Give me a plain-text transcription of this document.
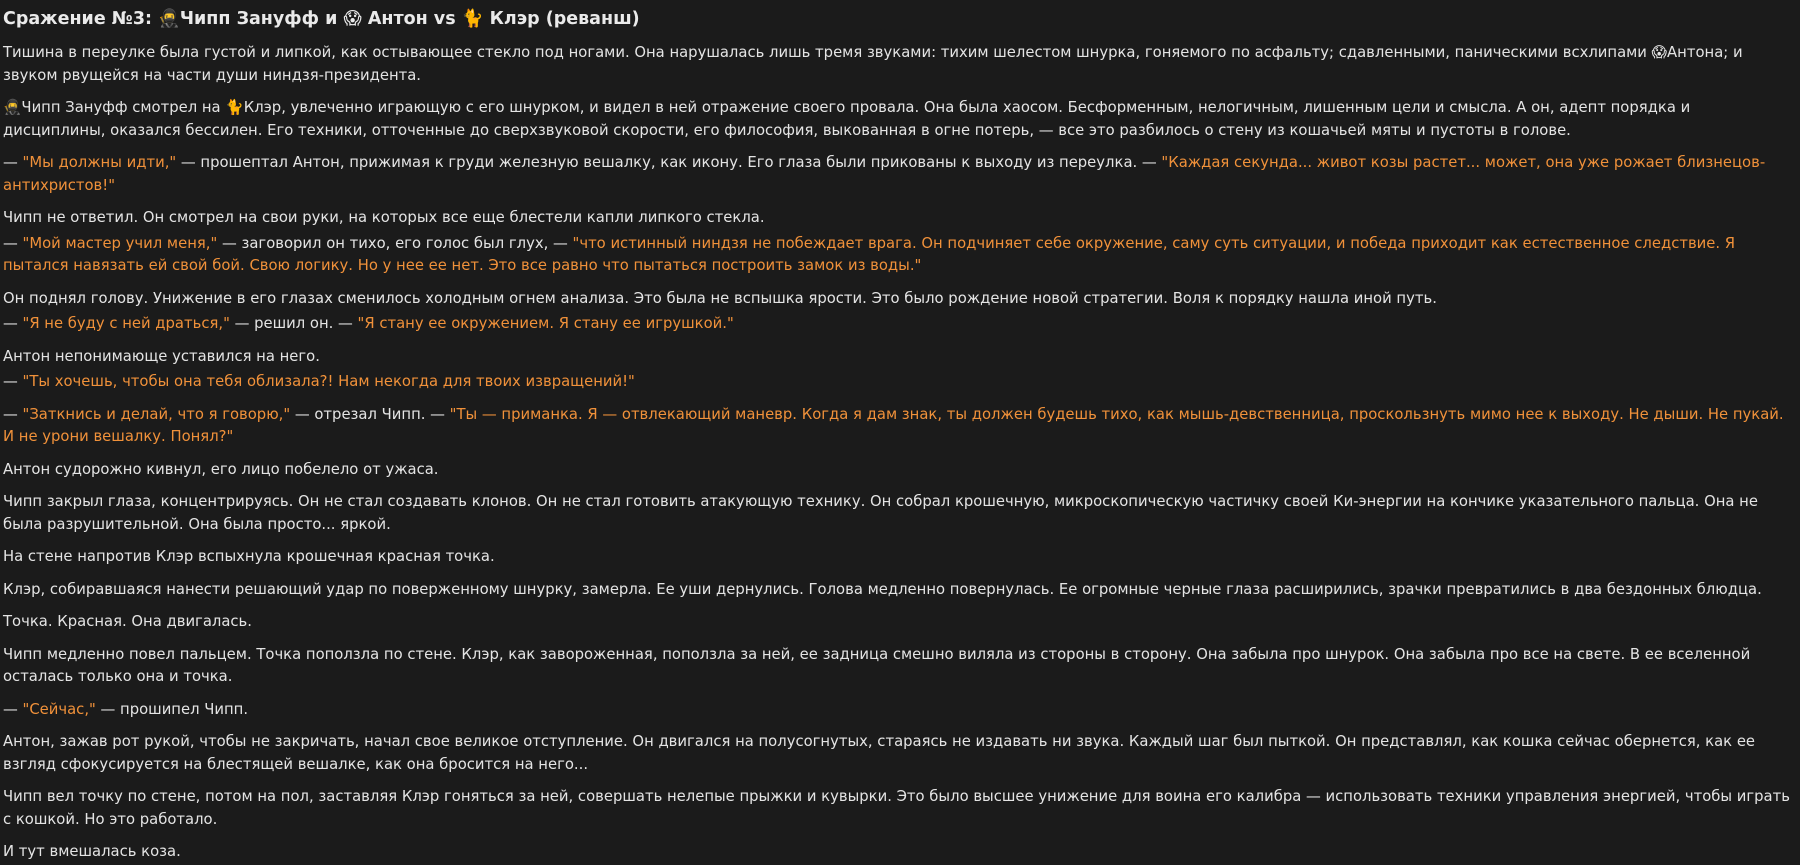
Сражение №3: 🥷Чипп Зануфф и 😱 Антон vs 🐈 Клэр (реванш)

Тишина в переулке была густой и липкой, как остывающее стекло под ногами. Она нарушалась лишь тремя звуками: тихим шелестом шнурка, гоняемого по асфальту; сдавленными, паническими всхлипами 😱Антона; и звуком рвущейся на части души ниндзя-президента.

🥷Чипп Зануфф смотрел на 🐈Клэр, увлеченно играющую с его шнурком, и видел в ней отражение своего провала. Она была хаосом. Бесформенным, нелогичным, лишенным цели и смысла. А он, адепт порядка и дисциплины, оказался бессилен. Его техники, отточенные до сверхзвуковой скорости, его философия, выкованная в огне потерь, — все это разбилось о стену из кошачьей мяты и пустоты в голове.

— "Мы должны идти," — прошептал Антон, прижимая к груди железную вешалку, как икону. Его глаза были прикованы к выходу из переулка. — "Каждая секунда... живот козы растет... может, она уже рожает близнецов-антихристов!"

Чипп не ответил. Он смотрел на свои руки, на которых все еще блестели капли липкого стекла.

— "Мой мастер учил меня," — заговорил он тихо, его голос был глух, — "что истинный ниндзя не побеждает врага. Он подчиняет себе окружение, саму суть ситуации, и победа приходит как естественное следствие. Я пытался навязать ей свой бой. Свою логику. Но у нее ее нет. Это все равно что пытаться построить замок из воды."

Он поднял голову. Унижение в его глазах сменилось холодным огнем анализа. Это была не вспышка ярости. Это было рождение новой стратегии. Воля к порядку нашла иной путь.

— "Я не буду с ней драться," — решил он. — "Я стану ее окружением. Я стану ее игрушкой."

Антон непонимающе уставился на него.

— "Ты хочешь, чтобы она тебя облизала?! Нам некогда для твоих извращений!"

— "Заткнись и делай, что я говорю," — отрезал Чипп. — "Ты — приманка. Я — отвлекающий маневр. Когда я дам знак, ты должен будешь тихо, как мышь-девственница, проскользнуть мимо нее к выходу. Не дыши. Не пукай. И не урони вешалку. Понял?"

Антон судорожно кивнул, его лицо побелело от ужаса.

Чипп закрыл глаза, концентрируясь. Он не стал создавать клонов. Он не стал готовить атакующую технику. Он собрал крошечную, микроскопическую частичку своей Ки-энергии на кончике указательного пальца. Она не была разрушительной. Она была просто... яркой.

На стене напротив Клэр вспыхнула крошечная красная точка.

Клэр, собиравшаяся нанести решающий удар по поверженному шнурку, замерла. Ее уши дернулись. Голова медленно повернулась. Ее огромные черные глаза расширились, зрачки превратились в два бездонных блюдца.

Точка. Красная. Она двигалась.

Чипп медленно повел пальцем. Точка поползла по стене. Клэр, как завороженная, поползла за ней, ее задница смешно виляла из стороны в сторону. Она забыла про шнурок. Она забыла про все на свете. В ее вселенной осталась только она и точка.

— "Сейчас," — прошипел Чипп.

Антон, зажав рот рукой, чтобы не закричать, начал свое великое отступление. Он двигался на полусогнутых, стараясь не издавать ни звука. Каждый шаг был пыткой. Он представлял, как кошка сейчас обернется, как ее взгляд сфокусируется на блестящей вешалке, как она бросится на него...

Чипп вел точку по стене, потом на пол, заставляя Клэр гоняться за ней, совершать нелепые прыжки и кувырки. Это было высшее унижение для воина его калибра — использовать техники управления энергией, чтобы играть с кошкой. Но это работало.

И тут вмешалась коза.
